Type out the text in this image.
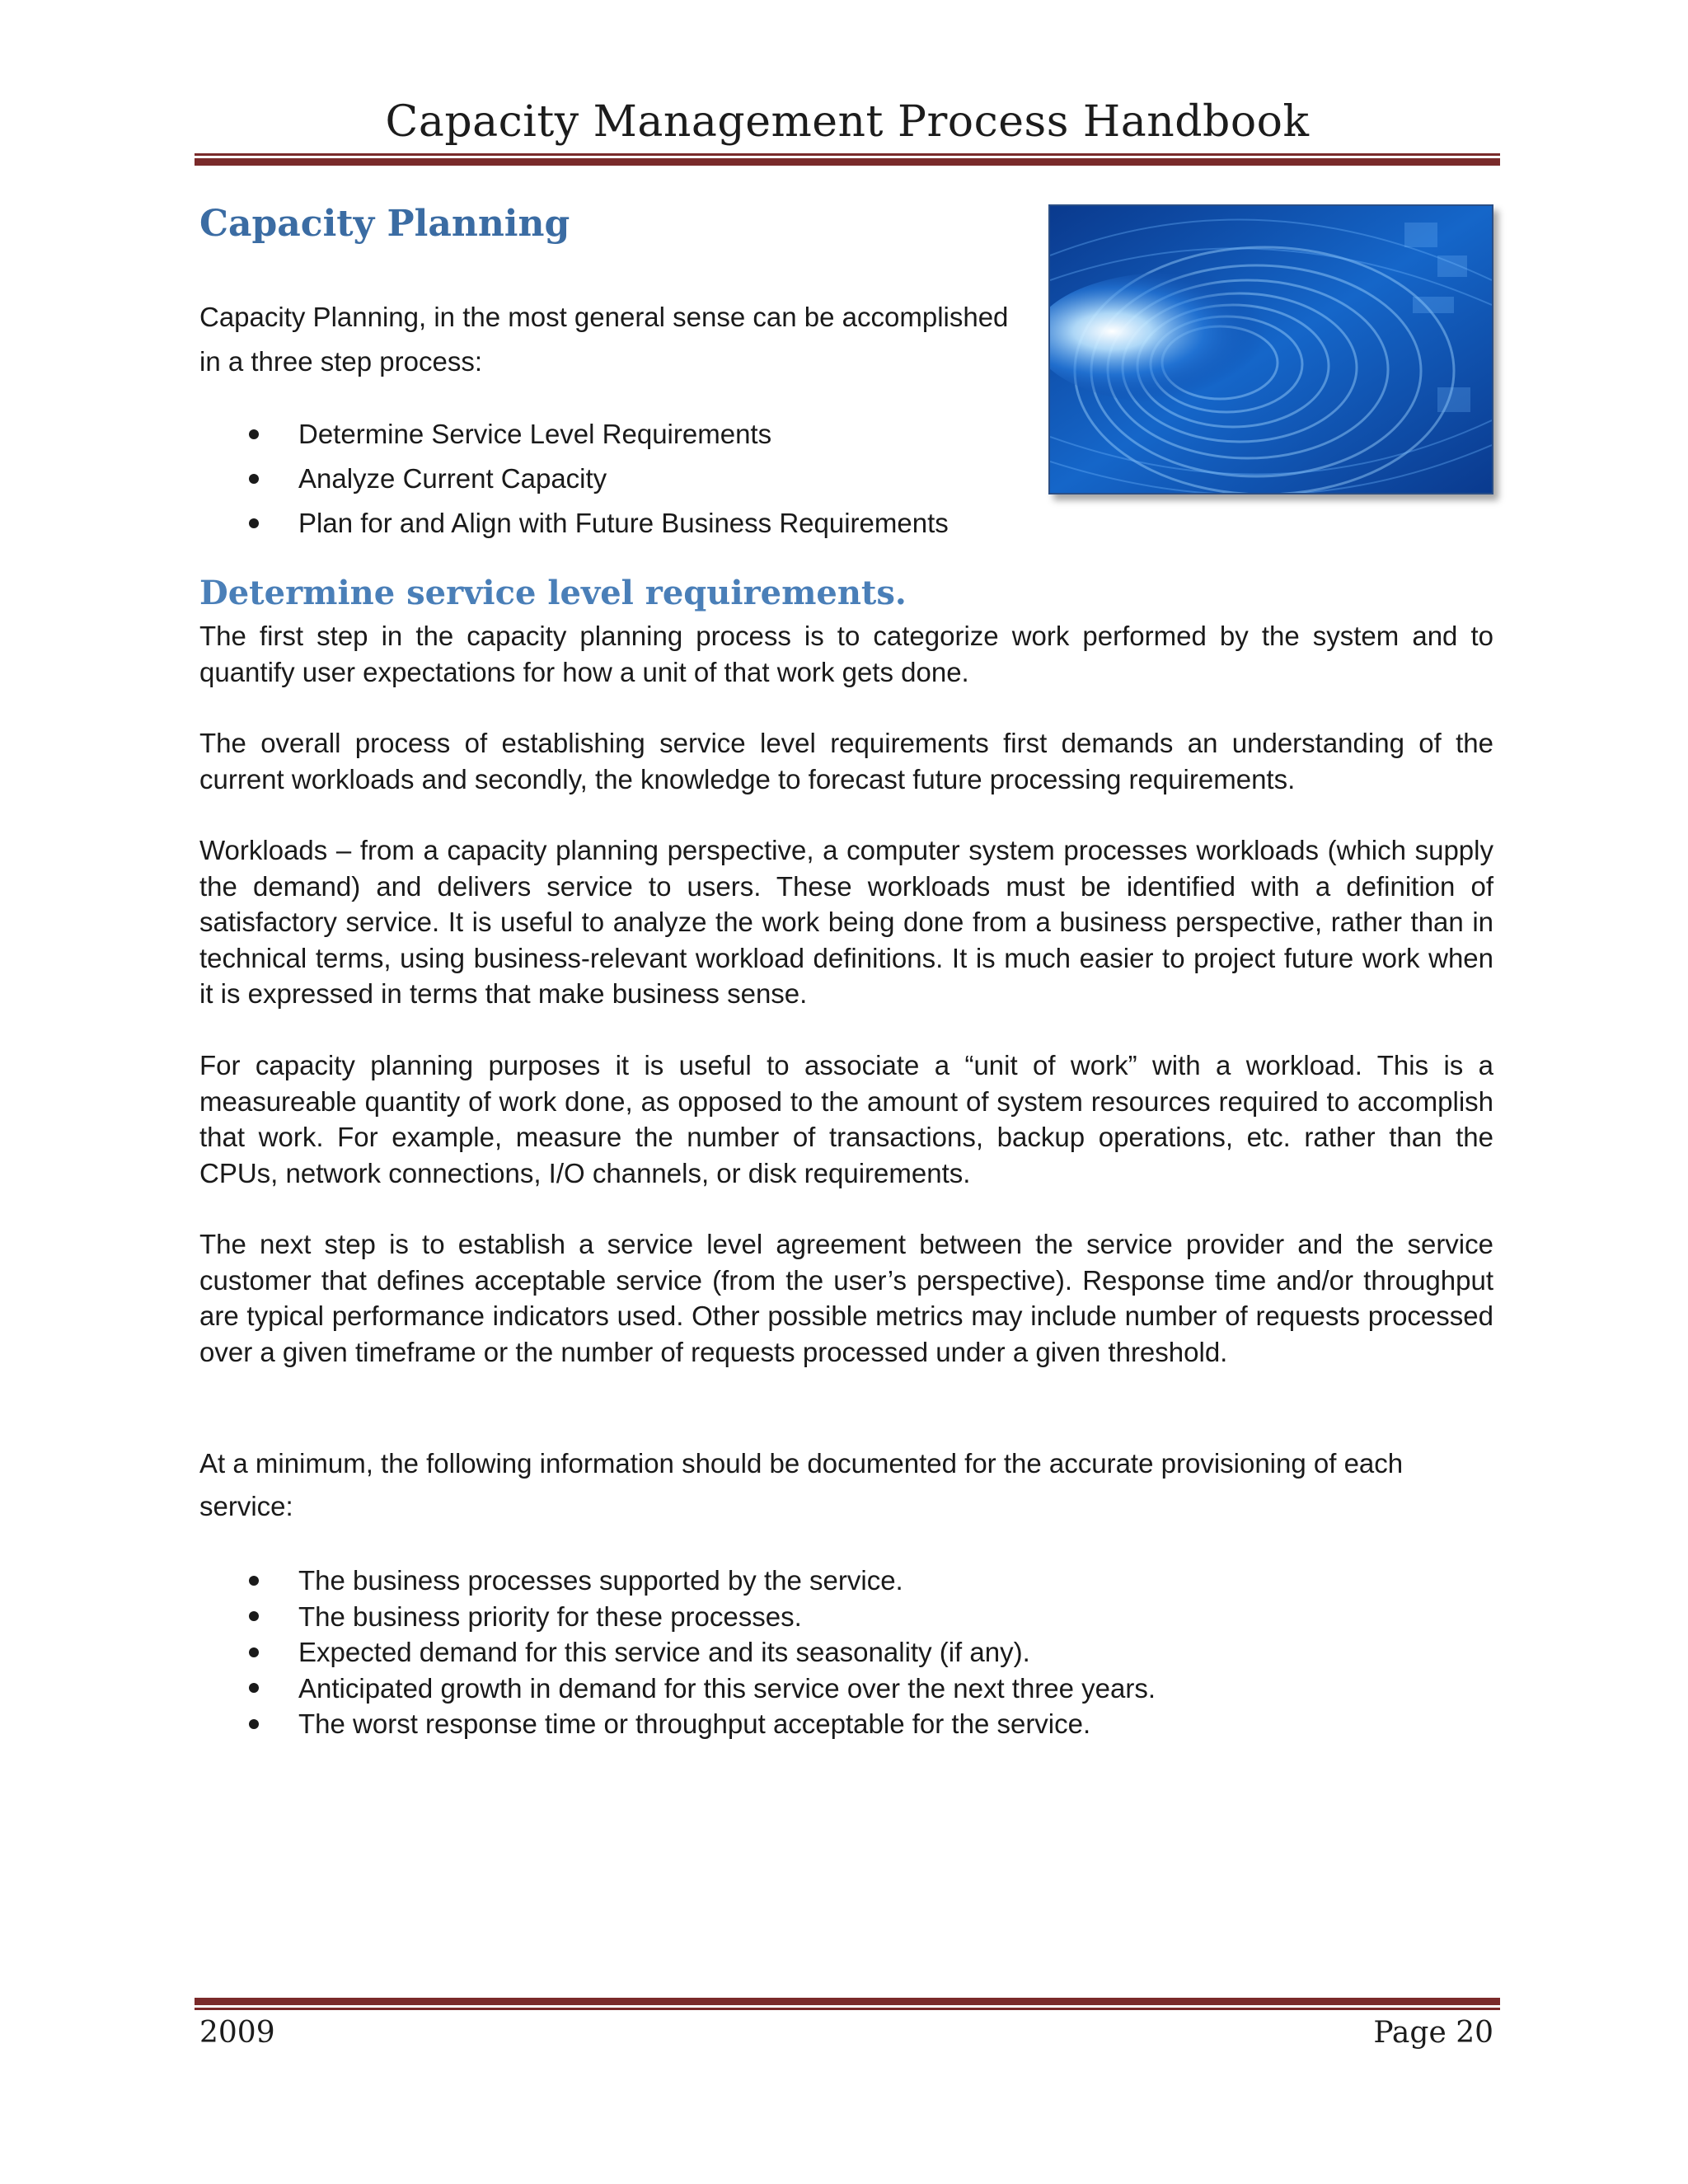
Capacity Management Process Handbook
Capacity Planning
Capacity Planning, in the most general sense can be accomplished in a three step process:
Determine Service Level Requirements
Analyze Current Capacity
Plan for and Align with Future Business Requirements
Determine service level requirements.

The first step in the capacity planning process is to categorize work performed by the system and to quantify user expectations for how a unit of that work gets done.

The overall process of establishing service level requirements first demands an understanding of the current workloads and secondly, the knowledge to forecast future processing requirements.

Workloads – from a capacity planning perspective, a computer system processes workloads (which supply the demand) and delivers service to users. These workloads must be identified with a definition of satisfactory service. It is useful to analyze the work being done from a business perspective, rather than in technical terms, using business-relevant workload definitions. It is much easier to project future work when it is expressed in terms that make business sense.

For capacity planning purposes it is useful to associate a “unit of work” with a workload. This is a measureable quantity of work done, as opposed to the amount of system resources required to accomplish that work. For example, measure the number of transactions, backup operations, etc. rather than the CPUs, network connections, I/O channels, or disk requirements.

The next step is to establish a service level agreement between the service provider and the service customer that defines acceptable service (from the user’s perspective). Response time and/or throughput are typical performance indicators used. Other possible metrics may include number of requests processed over a given timeframe or the number of requests processed under a given threshold.

At a minimum, the following information should be documented for the accurate provisioning of each service:

The business processes supported by the service.
The business priority for these processes.
Expected demand for this service and its seasonality (if any).
Anticipated growth in demand for this service over the next three years.
The worst response time or throughput acceptable for the service.
2009	Page 20
